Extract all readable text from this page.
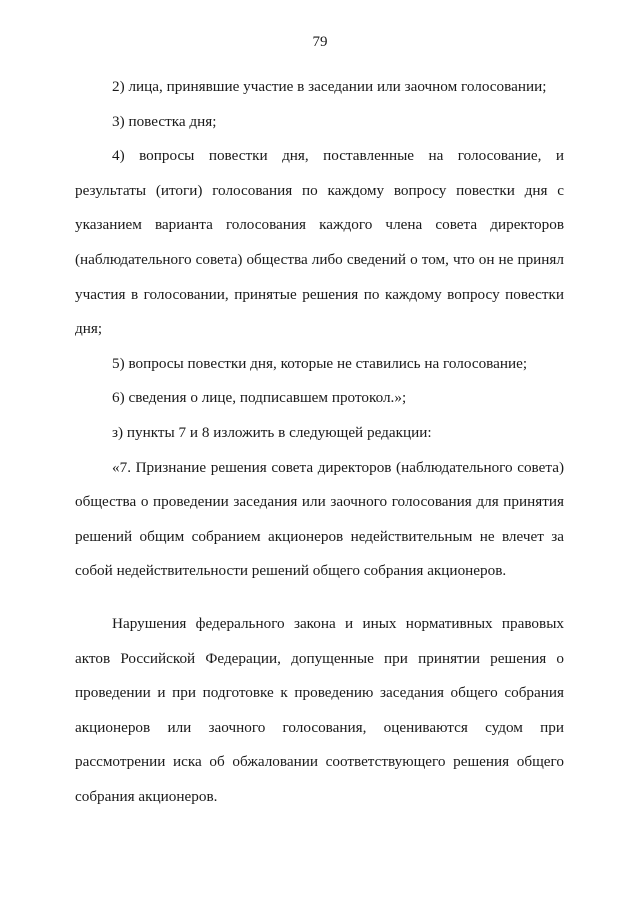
79

2) лица, принявшие участие в заседании или заочном голосовании;

3) повестка дня;

4) вопросы повестки дня, поставленные на голосование, и результаты (итоги) голосования по каждому вопросу повестки дня с указанием варианта голосования каждого члена совета директоров (наблюдательного совета) общества либо сведений о том, что он не принял участия в голосовании, принятые решения по каждому вопросу повестки дня;

5) вопросы повестки дня, которые не ставились на голосование;

6) сведения о лице, подписавшем протокол.»;

з) пункты 7 и 8 изложить в следующей редакции:

«7. Признание решения совета директоров (наблюдательного совета) общества о проведении заседания или заочного голосования для принятия решений общим собранием акционеров недействительным не влечет за собой недействительности решений общего собрания акционеров.

Нарушения федерального закона и иных нормативных правовых актов Российской Федерации, допущенные при принятии решения о проведении и при подготовке к проведению заседания общего собрания акционеров или заочного голосования, оцениваются судом при рассмотрении иска об обжаловании соответствующего решения общего собрания акционеров.
